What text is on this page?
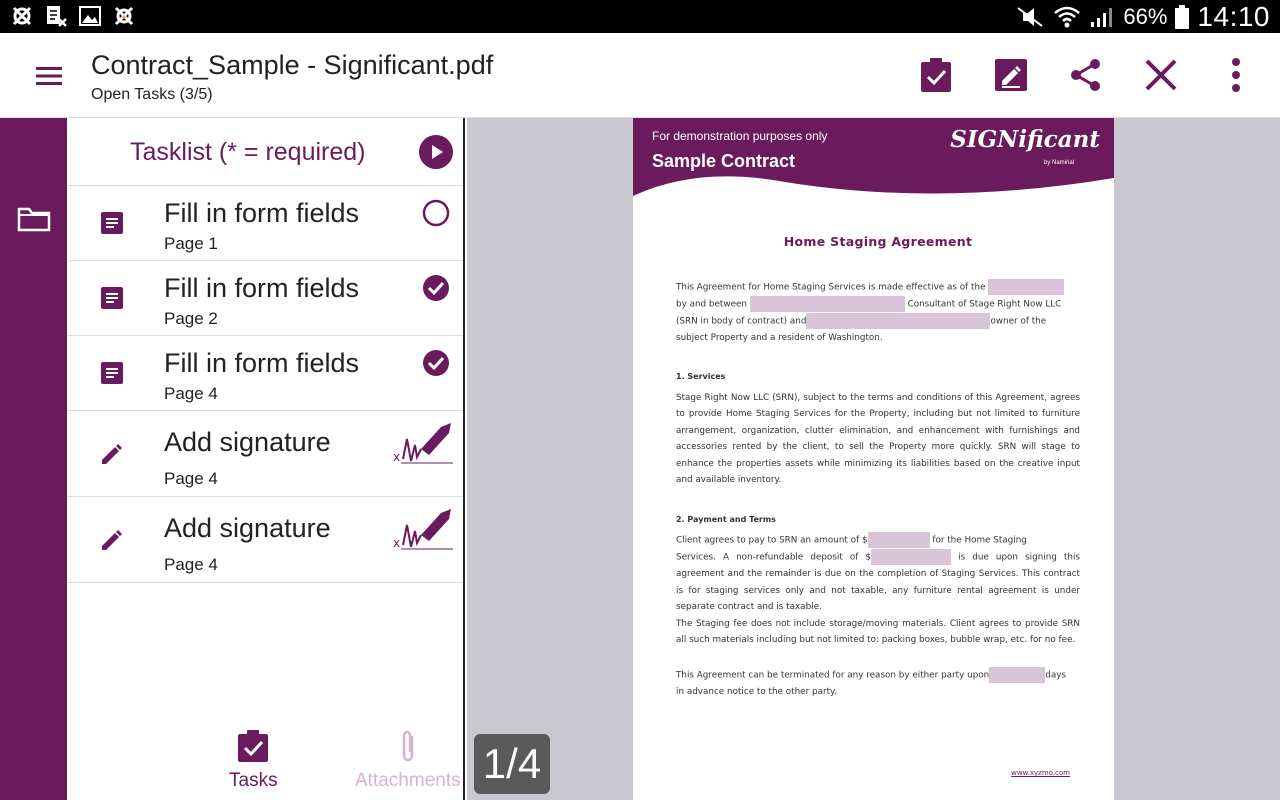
66% 14:10
Contract_Sample - Significant.pdf
Open Tasks (3/5)
Tasklist (* = required)
Fill in form fields
Page 1
Fill in form fields
Page 2
Fill in form fields
Page 4
Add signature
Page 4
x
Add signature
Page 4
x
Tasks	Attachments
For demonstration purposes only
Sample Contract
SIGNificant
by Namirial
Home Staging Agreement
This Agreement for Home Staging Services is made effective as of the
by and between	Consultant of Stage Right Now LLC
(SRN in body of contract) and	owner of the
subject Property and a resident of Washington.
1. Services
Stage Right Now LLC (SRN), subject to the terms and conditions of this Agreement, agrees to provide Home Staging Services for the Property, including but not limited to furniture arrangement, organization, clutter elimination, and enhancement with furnishings and accessories rented by the client, to sell the Property more quickly. SRN will stage to enhance the properties assets while minimizing its liabilities based on the creative input and available inventory.
2. Payment and Terms
Client agrees to pay to SRN an amount of $	for the Home Staging
Services. A non-refundable deposit of $	is due upon signing this agreement and the remainder is due on the completion of Staging Services. This contract is for staging services only and not taxable, any furniture rental agreement is under separate contract and is taxable.
The Staging fee does not include storage/moving materials. Client agrees to provide SRN all such materials including but not limited to: packing boxes, bubble wrap, etc. for no fee.
This Agreement can be terminated for any reason by either party upon	days
in advance notice to the other party.
www.xyzmo.com
1/4
